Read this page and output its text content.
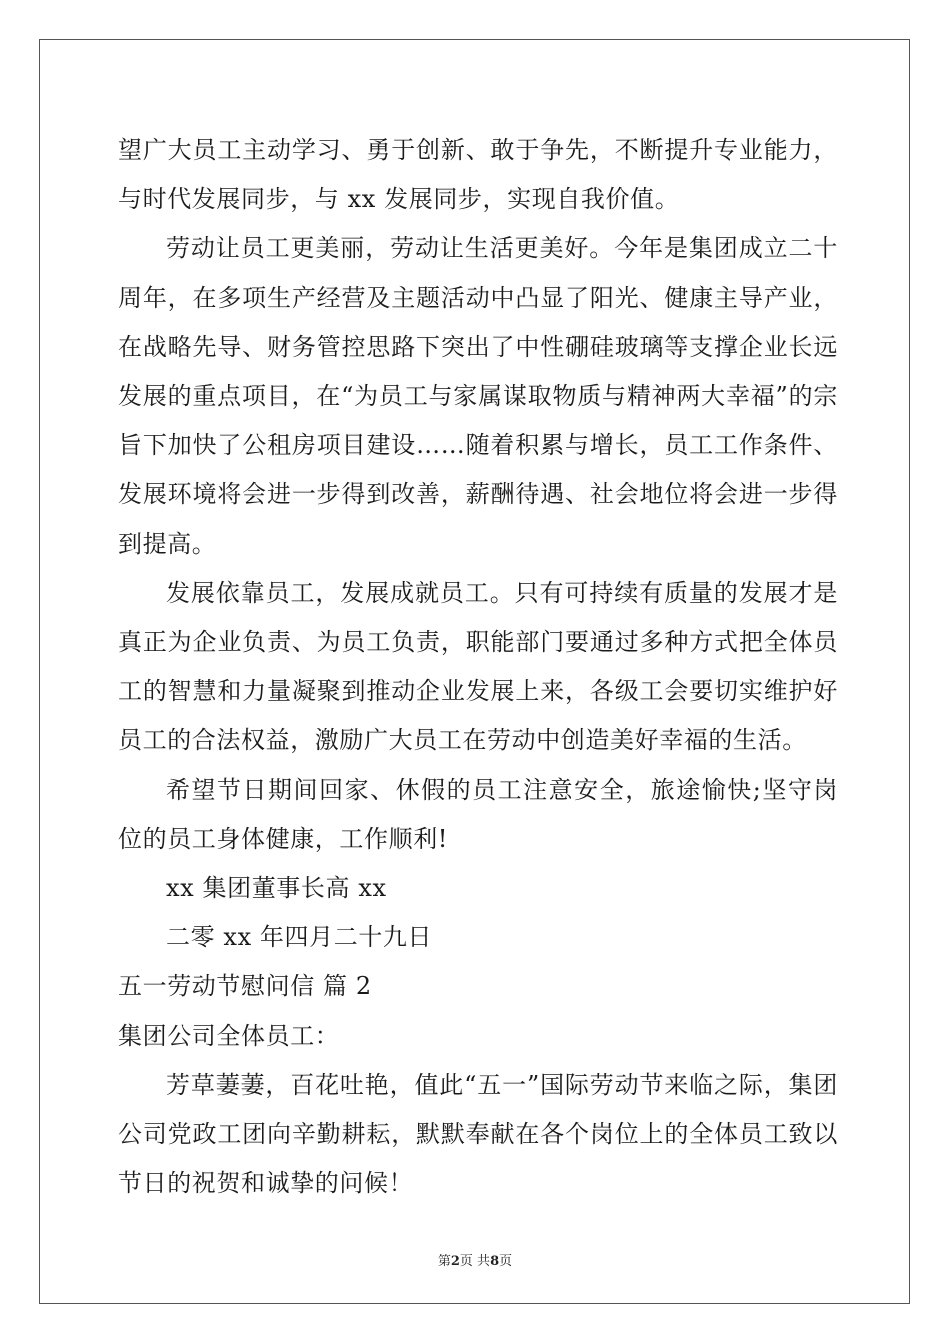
望广大员工主动学习、勇于创新、敢于争先，不断提升专业能力，与时代发展同步，与 xx 发展同步，实现自我价值。

劳动让员工更美丽，劳动让生活更美好。今年是集团成立二十周年，在多项生产经营及主题活动中凸显了阳光、健康主导产业，在战略先导、财务管控思路下突出了中性硼硅玻璃等支撑企业长远发展的重点项目，在“为员工与家属谋取物质与精神两大幸福”的宗旨下加快了公租房项目建设……随着积累与增长，员工工作条件、发展环境将会进一步得到改善，薪酬待遇、社会地位将会进一步得到提高。

发展依靠员工，发展成就员工。只有可持续有质量的发展才是真正为企业负责、为员工负责，职能部门要通过多种方式把全体员工的智慧和力量凝聚到推动企业发展上来，各级工会要切实维护好员工的合法权益，激励广大员工在劳动中创造美好幸福的生活。

希望节日期间回家、休假的员工注意安全，旅途愉快;坚守岗位的员工身体健康，工作顺利!

xx 集团董事长高 xx

二零 xx 年四月二十九日

五一劳动节慰问信 篇 2

集团公司全体员工：

芳草萋萋，百花吐艳，值此“五一”国际劳动节来临之际，集团公司党政工团向辛勤耕耘，默默奉献在各个岗位上的全体员工致以节日的祝贺和诚挚的问候！

第2页 共8页
